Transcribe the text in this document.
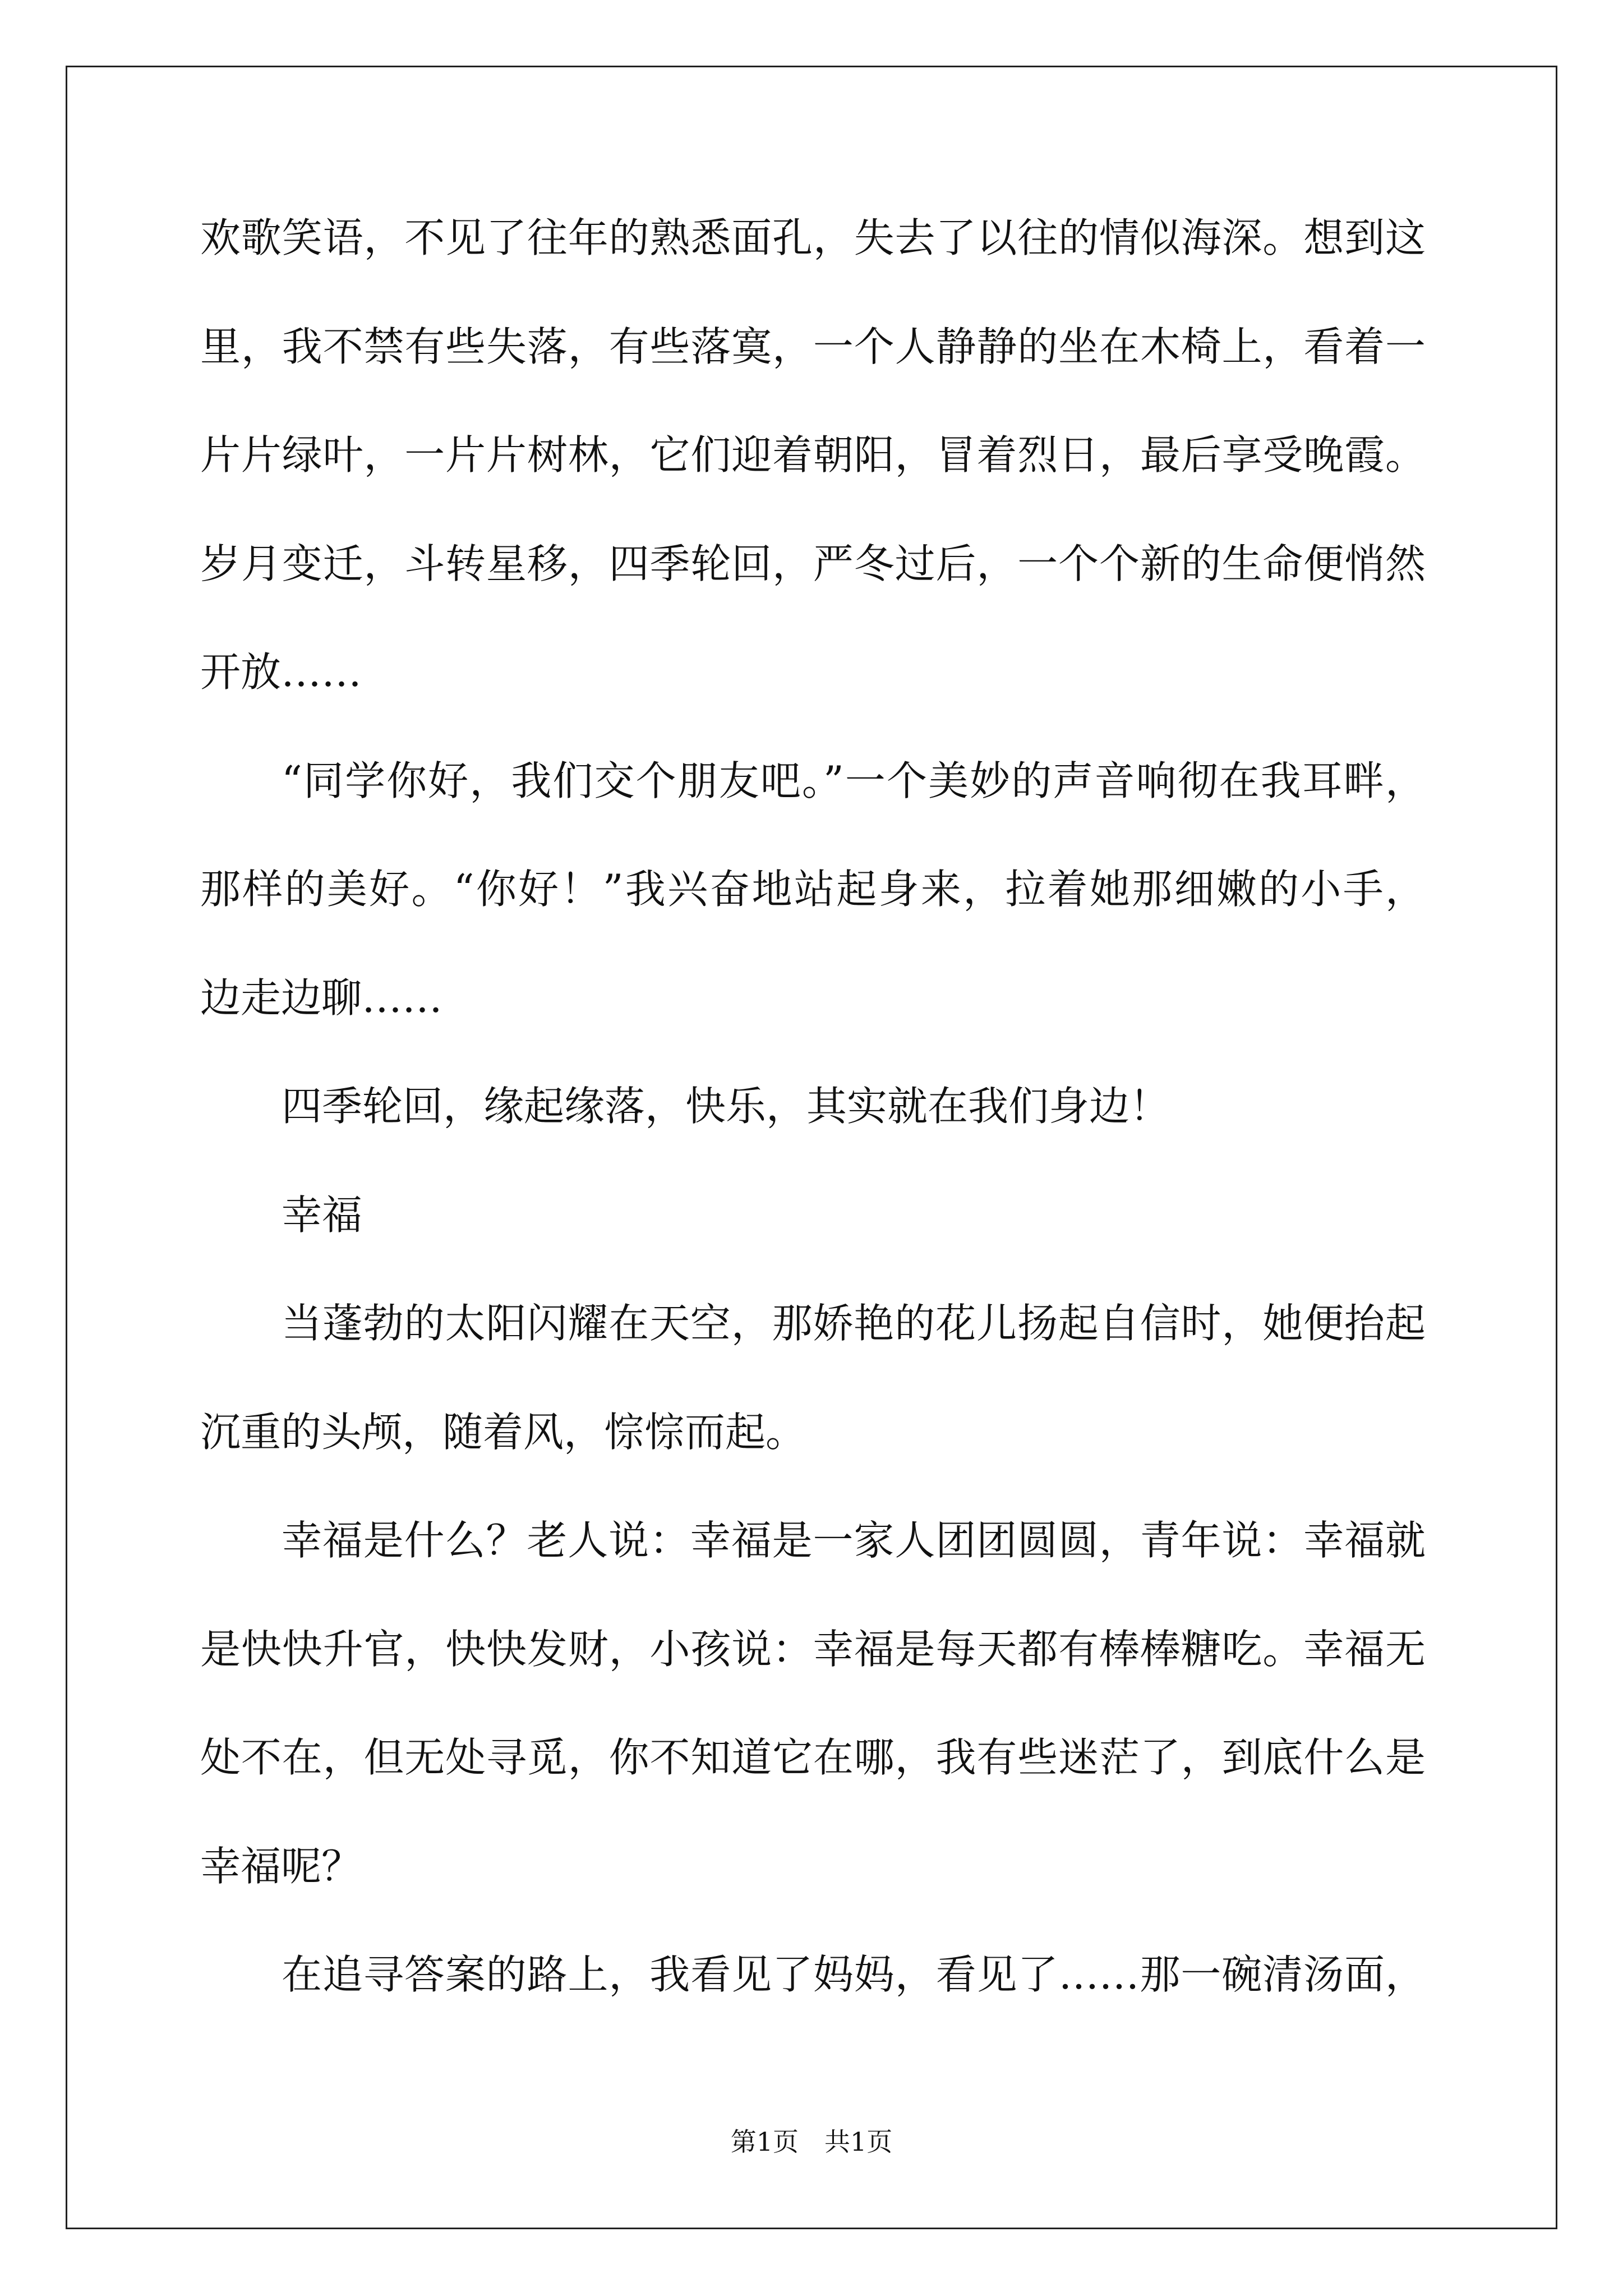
欢歌笑语，不见了往年的熟悉面孔，失去了以往的情似海深。想到这
里，我不禁有些失落，有些落寞，一个人静静的坐在木椅上，看着一
片片绿叶，一片片树林，它们迎着朝阳，冒着烈日，最后享受晚霞。
岁月变迁，斗转星移，四季轮回，严冬过后，一个个新的生命便悄然
开放……
“同学你好，我们交个朋友吧。”一个美妙的声音响彻在我耳畔，
那样的美好。“你好！”我兴奋地站起身来，拉着她那细嫩的小手，
边走边聊……
四季轮回，缘起缘落，快乐，其实就在我们身边！
幸福
当蓬勃的太阳闪耀在天空，那娇艳的花儿扬起自信时，她便抬起
沉重的头颅，随着风，悰悰而起。
幸福是什么？老人说：幸福是一家人团团圆圆，青年说：幸福就
是快快升官，快快发财，小孩说：幸福是每天都有棒棒糖吃。幸福无
处不在，但无处寻觅，你不知道它在哪，我有些迷茫了，到底什么是
幸福呢？
在追寻答案的路上，我看见了妈妈，看见了……那一碗清汤面，
第1页　共1页
